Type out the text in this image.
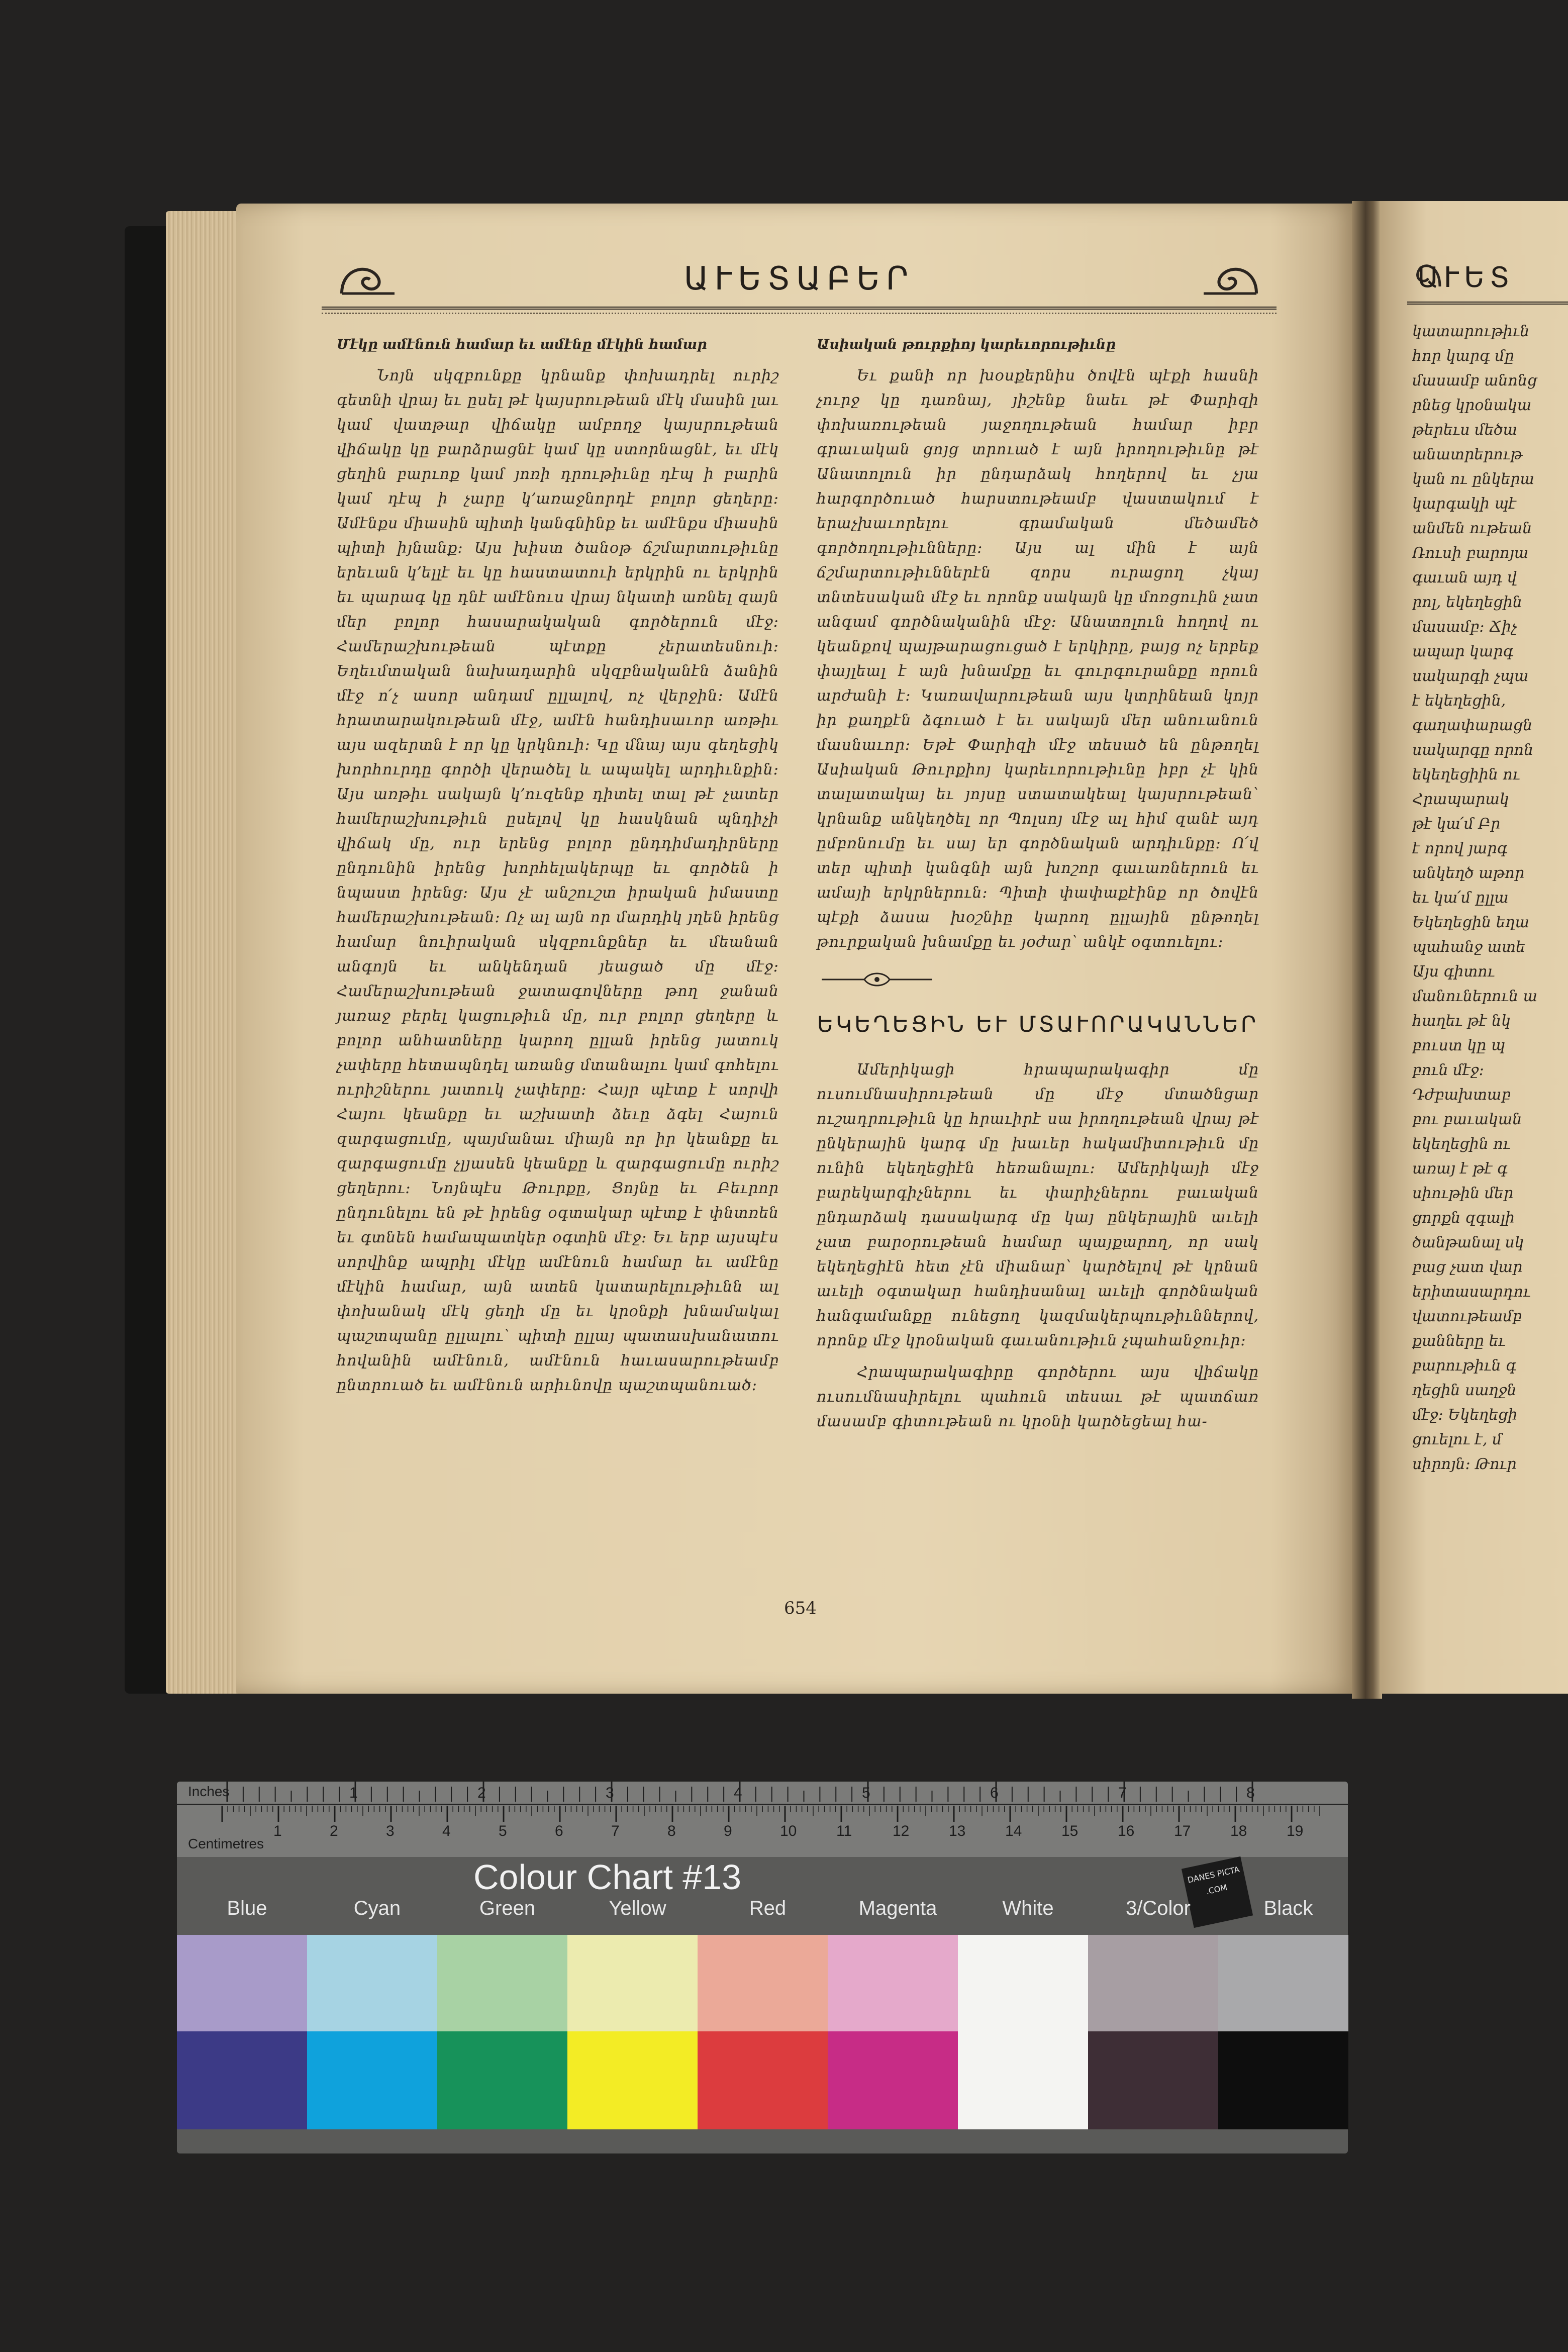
ԱՒԵՏԱԲԵՐ

Մէկը ամէնուն համար եւ ամէնը մէկին համար

Նոյն սկզբունքը կրնանք փոխադրել ուրիշ գետնի վրայ եւ ըսել թէ կայսրութեան մէկ մասին լաւ կամ վատթար վիճակը ամբողջ կայսրութեան վիճակը կը բարձրացնէ կամ կը ստորնացնէ, եւ մէկ ցեղին բարւոք կամ յոռի դրութիւնը դէպ ի բարին կամ դէպ ի չարը կ՚առաջնորդէ բոլոր ցեղերը։ Ամէնքս միասին պիտի կանգնինք եւ ամէնքս միասին պիտի իյնանք։ Այս խիստ ծանօթ ճշմարտութիւնը երեւան կ՚ելլէ եւ կը հաստատուի երկրին ու երկրին եւ պարագ կը դնէ ամէնուս վրայ նկատի առնել զայն մեր բոլոր հասարակական գործերուն մէջ։ Համերաշխութեան պէտքը չերատեսնուի։ Եղեւմտական նախադարին սկզբնականէն ձանին մէջ ո՛չ ասոր անդամ ըլլալով, ոչ վերջին։ Ամէն հրատարակութեան մէջ, ամէն հանդիսաւոր առթիւ այս ազերտն է որ կը կրկնուի։ Կը մնայ այս գեղեցիկ խորհուրդը գործի վերածել և ապակել արդիւնքին։ Այս առթիւ սակայն կ՚ուզենք դիտել տալ թէ չատեր համերաշխութիւն ըսելով կը հասկնան պնդիչի վիճակ մը, ուր երենց բոլոր ընդդիմադիրները ընդունին իրենց խորհելակերպը եւ գործեն ի նպաստ իրենց։ Այս չէ անշուշտ իրական իմաստը համերաշխութեան։ Ոչ ալ այն որ մարդիկ յղեն իրենց համար նուիրական սկզբունքներ եւ մեանան անգոյն եւ անկենդան յեացած մը մէջ։ Համերաշխութեան ջատագովները թող ջանան յառաջ բերել կացութիւն մը, ուր բոլոր ցեղերը և բոլոր անհատները կարող ըլլան իրենց յատուկ չափերը հետապնդել առանց մտանալու կամ գոհելու ուրիշներու յատուկ չափերը։ Հայր պէտք է սորվի Հայու կեանքը եւ աշխատի ձեւը ձգել Հայուն զարգացումը, պայմանաւ միայն որ իր կեանքը եւ զարգացումը չլյասեն կեանքը և զարգացումը ուրիշ ցեղերու։ Նոյնպէս Թուրքը, Ցոյնը եւ Բեւրոր ընդունելու են թէ իրենց օգտակար պէտք է փնտռեն եւ գտնեն համապատկեր օգտին մէջ։ Եւ երբ այսպէս սորվինք ապրիլ մէկը ամէնուն համար եւ ամէնը մէկին համար, այն ատեն կատարելութիւնն ալ փոխանակ մէկ ցեղի մը եւ կրօնքի խնամակալ պաշտպանը ըլլալու՝ պիտի ըլլայ պատասխանատու հովանին ամէնուն, ամէնուն հաւասարութեամբ ընտրուած եւ ամէնուն արիւնովը պաշտպանուած։

Ասիական թուրքիոյ կարեւորութիւնը

Եւ քանի որ խօսքերնիս ծովէն պէքի հասնի չուրջ կը դառնայ, յիշենք նաեւ թէ Փարիզի փոխառութեան յաջողութեան համար իբր գրաւական ցոյց տրուած է այն իրողութիւնը թէ Անատոլուն իր ընդարձակ հողերով եւ չյա հարգործուած հարստութեամբ վաստակում է երաչխաւորելու գրամական մեծամեծ գործողութիւնները։ Այս ալ մին է այն ճշմարտութիւններէն զորս ուրացող չկայ տնտեսական մէջ եւ որոնք սակայն կը մոռցուին չատ անգամ գործնականին մէջ։ Անատոլուն հողով ու կեանքով պայթարացուցած է երկիրը, բայց ոչ երբեք փայլեալ է այն խնամքը եւ գուրգուրանքը որուն արժանի է։ Կառավարութեան այս կտրինեան կոյր իր քաղքէն ձգուած է եւ սակայն մեր անուանուն մասնաւոր։ Եթէ Փարիզի մէջ տեսած են ընթողել Ասիական Թուրքիոյ կարեւորութիւնը իբր չէ կին տալատակայ եւ յոյսը ստատակեալ կայսրութեան՝ կրնանք անկեղծել որ Պոլսոյ մէջ ալ հիմ զանէ այդ ըմբռնումը եւ սայ եր գործնական արդիւնքը։ Ո՛վ տեր պիտի կանգնի այն խոշոր գաւառներուն եւ ամայի երկրներուն։ Պիտի փափաքէինք որ ծովէն պէքի ձասա խօշնիը կարող ըլլային ընթողել թուրքական խնամքը եւ յօժար՝ անկէ օգտուելու։

ԵԿԵՂԵՑԻՆ ԵՒ ՄՏԱՒՈՐԱԿԱՆՆԵՐ

Ամերիկացի հրապարակագիր մը ուսումնասիրութեան մը մէջ մտածնցար ուշադրութիւն կը հրաւիրէ սա իրողութեան վրայ թէ ընկերային կարգ մը խաւեր հակամիտութիւն մը ունին եկեղեցիէն հեռանալու։ Ամերիկայի մէջ բարեկարգիչներու եւ փարիչներու բաւական ընդարձակ դասակարգ մը կայ ընկերային աւելի չատ բարօրութեան համար պայքարող, որ սակ եկեղեցիէն հետ չէն միանար՝ կարծելով թէ կրնան աւելի օգտակար հանդիսանալ աւելի գործնական հանգամանքը ունեցող կազմակերպութիւններով, որոնք մէջ կրօնական գաւանութիւն չպահանջուիր։

Հրապարակագիրը գործերու այս վիճակը ուսումնասիրելու պահուն տեսաւ թէ պատճառ մասամբ գիտութեան ու կրօնի կարծեցեալ հա-

654
ԱՒԵՏ
կատարութիւն
հոր կարգ մը
մասամբ անոնց
րնեց կրօնակա
թերեւս մեծա
անատրերութ
կան ու ընկերա
կարգակի պէ
անմեն ութեան
Ռուսի բարոյա
գաւան այդ վ
րոլ, եկեղեցին
մասամբ։ Ճիչ
ապար կարգ
սակարգի չպա
է եկեղեցին,
գաղափարացն
սակարգը որոն
եկեղեցիին ու
Հրապարակ
թէ կա՛մ Բր
է որով յարգ
անկեղծ աթոր
եւ կա՛մ ըլլա
Եկեղեցին եղա
պահանջ ատե
Այս գիտու
մանուներուն ա
հաղեւ թէ նկ
բուստ կը պ
բուն մէջ։
Դժբախտաբ
բու բաւական
եկեղեցին ու
առայ է թէ գ
սիութին մեր
ցորքն զգալի
ծանթանալ սկ
բաց չատ վար
երիտասարդու
վատութեամբ
քանները եւ
բարութիւն գ
ղեցին սաղջն
մէջ։ Եկեղեցի
ցուելու է, մ
սիրոյն։ Թուր
Inches
Centimetres
1	2	3	4	5	6	7	8
1	2	3	4	5	6	7	8	9	10	11	12	13	14	15	16	17	18	19
Colour Chart #13	DANES PICTA .COM
Blue	Cyan	Green	Yellow	Red	Magenta	White	3/Color	Black
